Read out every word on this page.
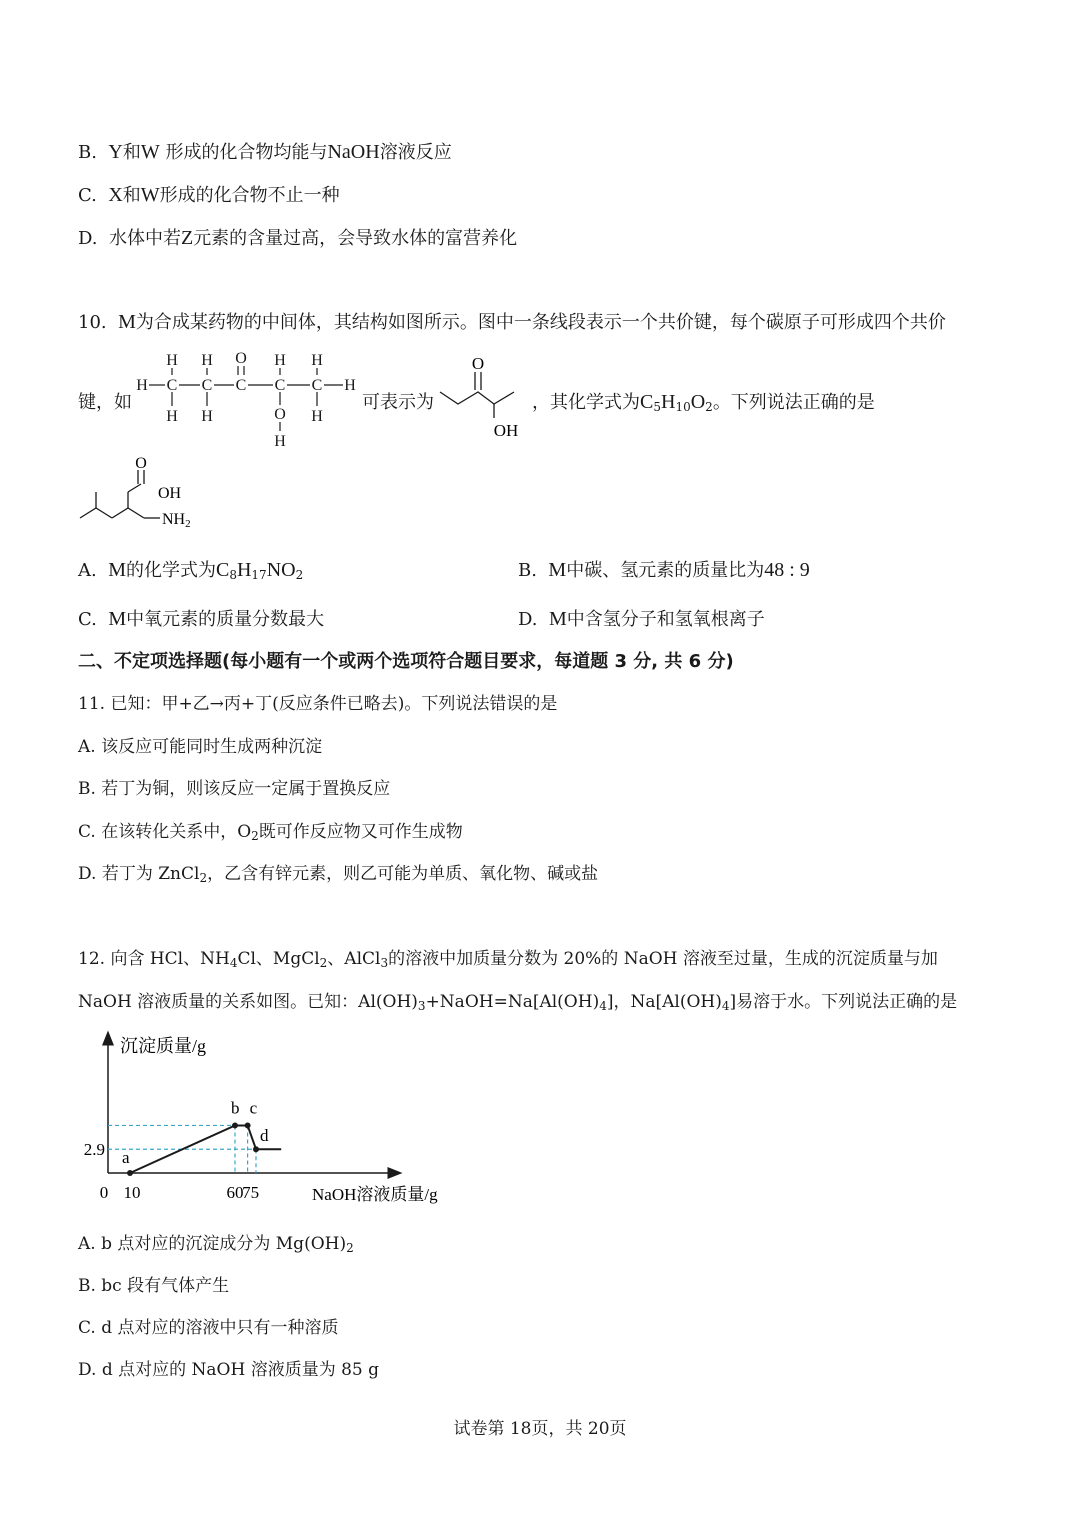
B. Y和W 形成的化合物均能与NaOH溶液反应
C. X和W形成的化合物不止一种
D. 水体中若Z元素的含量过高，会导致水体的富营养化
10. M为合成某药物的中间体，其结构如图所示。图中一条线段表示一个共价键，每个碳原子可形成四个共价
键，如
H H O H H
H C C C C C H
H H	O H
H
可表示为
O
OH
，其化学式为$C_5H_{10}O_2$。下列说法正确的是
O
OH
NH2
A. M的化学式为$C_8H_{17}NO_2$	B. M中碳、氢元素的质量比为48 : 9
C. M中氧元素的质量分数最大	D. M中含氢分子和氢氧根离子
二、不定项选择题(每小题有一个或两个选项符合题目要求，每道题 3 分, 共 6 分)
11. 已知：甲+乙→丙+丁(反应条件已略去)。下列说法错误的是
A. 该反应可能同时生成两种沉淀
B. 若丁为铜，则该反应一定属于置换反应
C. 在该转化关系中，$O_2$既可作反应物又可作生成物
D. 若丁为 ZnCl$_2$，乙含有锌元素，则乙可能为单质、氧化物、碱或盐
12. 向含 HCl、$NH_4Cl$、MgCl$_2$、AlCl$_3$的溶液中加质量分数为 20%的 NaOH 溶液至过量，生成的沉淀质量与加
NaOH 溶液质量的关系如图。已知：$Al(OH)_3+NaOH=Na[Al(OH)_4]$，$Na[Al(OH)_4]$易溶于水。下列说法正确的是
a
b c
d
0 10	60
75
2.9
沉淀质量/g
NaOH溶液质量/g
A. b 点对应的沉淀成分为 $Mg(OH)_2$
B. bc 段有气体产生
C. d 点对应的溶液中只有一种溶质
D. d 点对应的 NaOH 溶液质量为 85 g
试卷第 18页，共 20页
